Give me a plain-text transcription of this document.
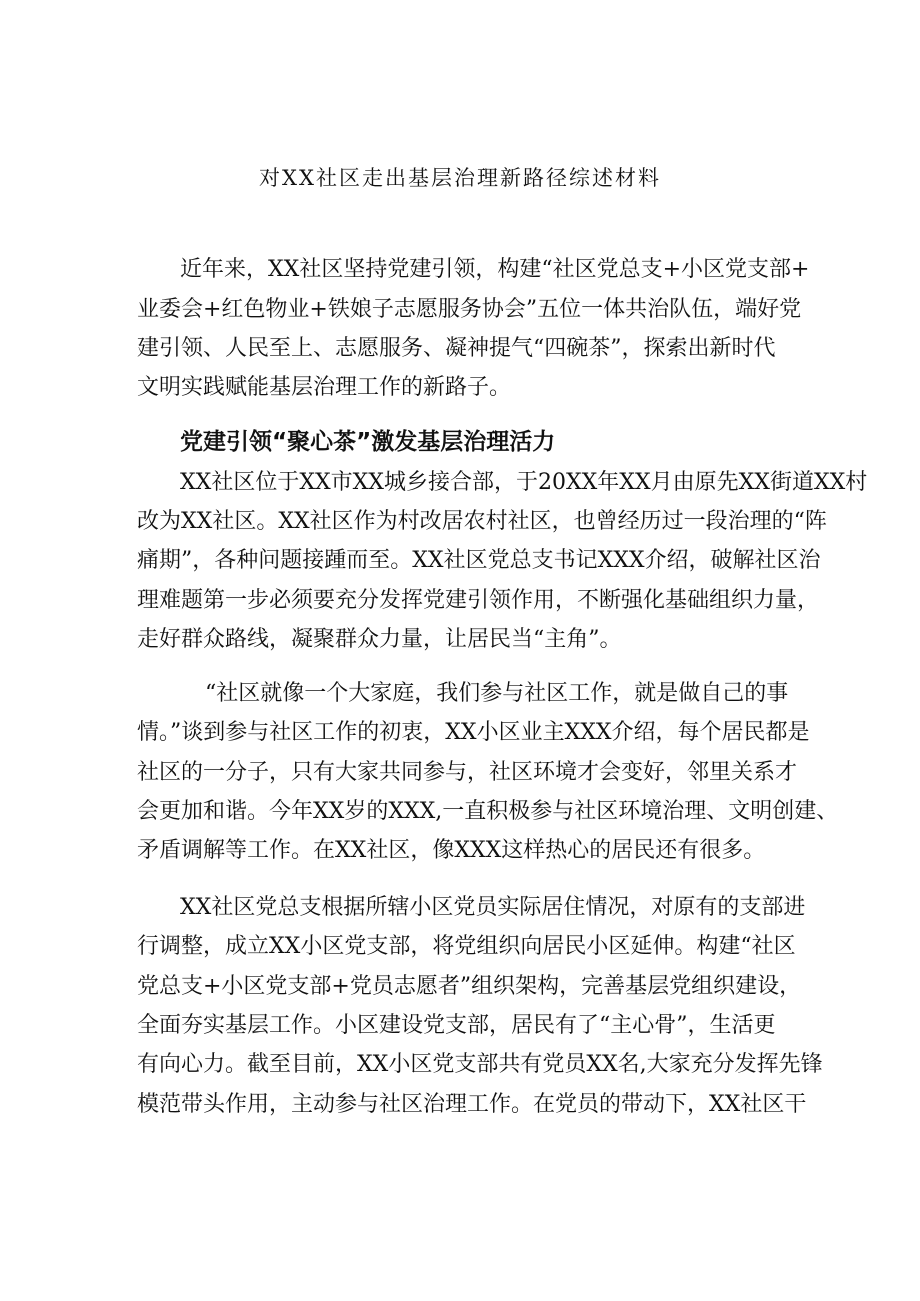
对XX社区走出基层治理新路径综述材料
近年来，XX社区坚持党建引领，构建“社区党总支+小区党支部+
业委会+红色物业+铁娘子志愿服务协会”五位一体共治队伍，端好党
建引领、人民至上、志愿服务、凝神提气“四碗茶”，探索出新时代
文明实践赋能基层治理工作的新路子。
党建引领“聚心茶”激发基层治理活力
XX社区位于XX市XX城乡接合部，于20XX年XX月由原先XX街道XX村
改为XX社区。XX社区作为村改居农村社区，也曾经历过一段治理的“阵
痛期”，各种问题接踵而至。XX社区党总支书记XXX介绍，破解社区治
理难题第一步必须要充分发挥党建引领作用，不断强化基础组织力量，
走好群众路线，凝聚群众力量，让居民当“主角”。
“社区就像一个大家庭，我们参与社区工作，就是做自己的事
情。”谈到参与社区工作的初衷，XX小区业主XXX介绍，每个居民都是
社区的一分子，只有大家共同参与，社区环境才会变好，邻里关系才
会更加和谐。今年XX岁的XXX,一直积极参与社区环境治理、文明创建、
矛盾调解等工作。在XX社区，像XXX这样热心的居民还有很多。
XX社区党总支根据所辖小区党员实际居住情况，对原有的支部进
行调整，成立XX小区党支部，将党组织向居民小区延伸。构建“社区
党总支+小区党支部+党员志愿者”组织架构，完善基层党组织建设，
全面夯实基层工作。小区建设党支部，居民有了“主心骨”，生活更
有向心力。截至目前，XX小区党支部共有党员XX名,大家充分发挥先锋
模范带头作用，主动参与社区治理工作。在党员的带动下，XX社区干
